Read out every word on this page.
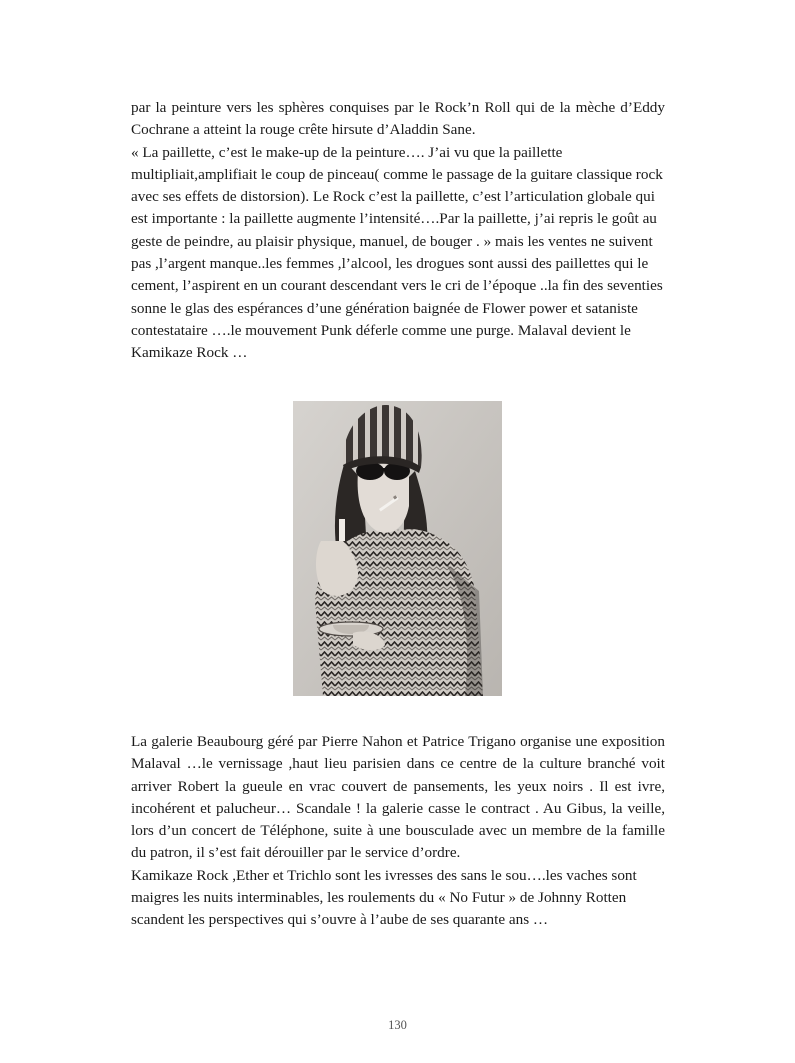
par la peinture vers les sphères conquises par le Rock’n Roll qui de la mèche d’Eddy Cochrane a atteint la rouge crête hirsute d’Aladdin Sane.

« La paillette, c’est le make-up de la peinture…. J’ai vu que la paillette multipliait,amplifiait le coup de pinceau( comme le passage de la guitare classique rock avec ses effets de distorsion). Le Rock c’est la paillette, c’est l’articulation globale qui est importante : la paillette augmente l’intensité….Par la paillette, j’ai repris le goût au geste de peindre, au plaisir physique, manuel, de bouger . » mais les ventes ne suivent pas ,l’argent manque..les femmes ,l’alcool, les drogues sont aussi des paillettes qui le cement, l’aspirent en un courant descendant vers le cri de l’époque ..la fin des seventies sonne le glas des espérances d’une génération baignée de Flower power et sataniste contestataire ….le mouvement Punk déferle comme une purge. Malaval devient le Kamikaze Rock …

La galerie Beaubourg géré par Pierre Nahon et Patrice Trigano organise une exposition Malaval …le vernissage ,haut lieu parisien dans ce centre de la culture branché voit arriver Robert la gueule en vrac couvert de pansements, les yeux noirs . Il est ivre, incohérent et palucheur… Scandale ! la galerie casse le contract . Au Gibus, la veille, lors d’un concert de Téléphone, suite à une bousculade avec un membre de la famille du patron, il s’est fait dérouiller par le service d’ordre.

Kamikaze Rock ,Ether et Trichlo sont les ivresses des sans le sou….les vaches sont maigres les nuits interminables, les roulements du « No Futur » de Johnny Rotten scandent les perspectives qui s’ouvre à l’aube de ses quarante ans …

130
